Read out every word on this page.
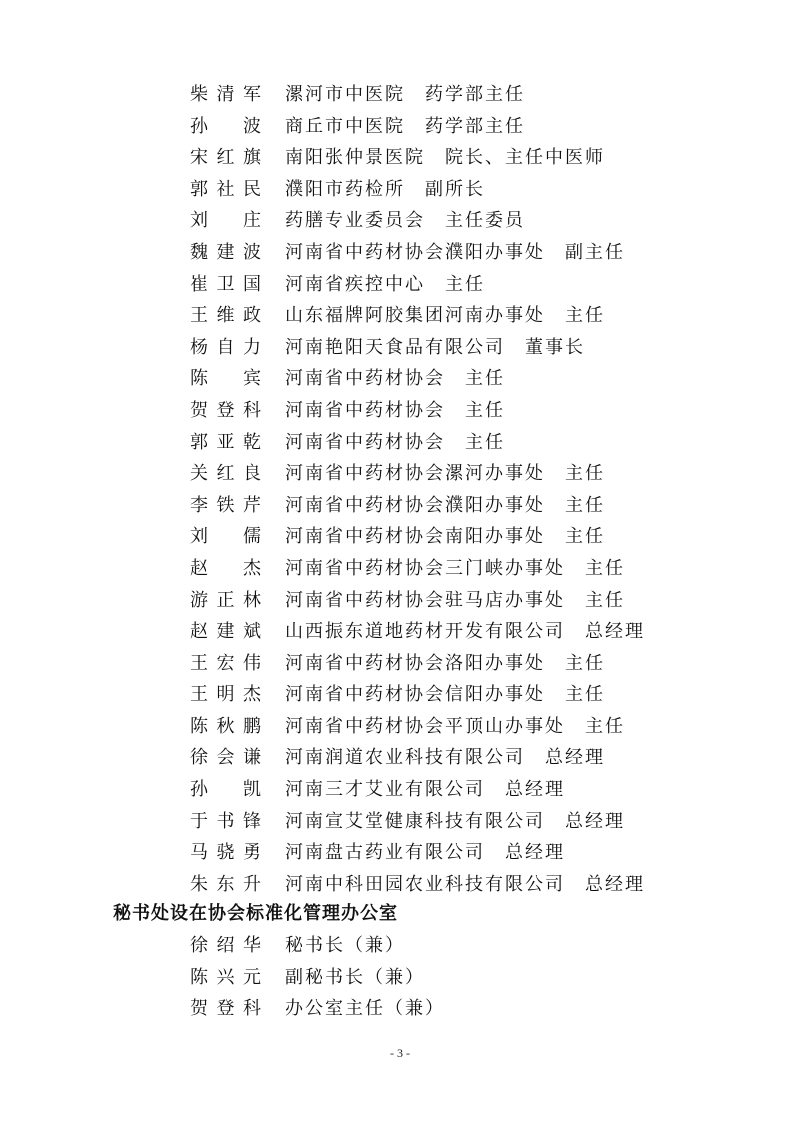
柴清军 漯河市中医院　药学部主任
孙　波 商丘市中医院　药学部主任
宋红旗 南阳张仲景医院　院长、主任中医师
郭社民 濮阳市药检所　副所长
刘　庄 药膳专业委员会　主任委员
魏建波 河南省中药材协会濮阳办事处　副主任
崔卫国 河南省疾控中心　主任
王维政 山东福牌阿胶集团河南办事处　主任
杨自力 河南艳阳天食品有限公司　董事长
陈　宾 河南省中药材协会　主任
贺登科 河南省中药材协会　主任
郭亚乾 河南省中药材协会　主任
关红良 河南省中药材协会漯河办事处　主任
李铁芹 河南省中药材协会濮阳办事处　主任
刘　儒 河南省中药材协会南阳办事处　主任
赵　杰 河南省中药材协会三门峡办事处　主任
游正林 河南省中药材协会驻马店办事处　主任
赵建斌 山西振东道地药材开发有限公司　总经理
王宏伟 河南省中药材协会洛阳办事处　主任
王明杰 河南省中药材协会信阳办事处　主任
陈秋鹏 河南省中药材协会平顶山办事处　主任
徐会谦 河南润道农业科技有限公司　总经理
孙　凯 河南三才艾业有限公司　总经理
于书锋 河南宣艾堂健康科技有限公司　总经理
马骁勇 河南盘古药业有限公司　总经理
朱东升 河南中科田园农业科技有限公司　总经理
秘书处设在协会标准化管理办公室
徐绍华 秘书长（兼）
陈兴元 副秘书长（兼）
贺登科 办公室主任（兼）
- 3 -
